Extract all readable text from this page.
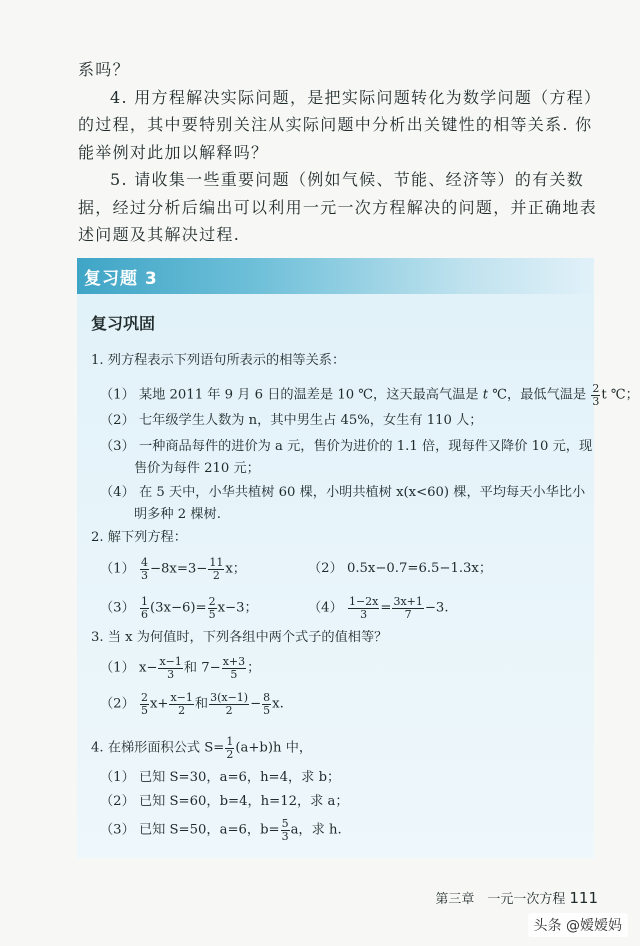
系吗？

4. 用方程解决实际问题，是把实际问题转化为数学问题（方程）的过程，其中要特别关注从实际问题中分析出关键性的相等关系. 你能举例对此加以解释吗？

5. 请收集一些重要问题（例如气候、节能、经济等）的有关数据，经过分析后编出可以利用一元一次方程解决的问题，并正确地表述问题及其解决过程.

复习题 3
复习巩固
1. 列方程表示下列语句所表示的相等关系：
（1） 某地 2011 年 9 月 6 日的温差是 10 ℃，这天最高气温是 t ℃，最低气温是 $\frac{2}{3}$ t ℃；
（2） 七年级学生人数为 n，其中男生占 45%，女生有 110 人；
（3） 一种商品每件的进价为 a 元，售价为进价的 1.1 倍，现每件又降价 10 元，现
售价为每件 210 元；
（4） 在 5 天中，小华共植树 60 棵，小明共植树 x(x<60) 棵，平均每天小华比小
明多种 2 棵树.
2. 解下列方程：
$(1) \frac{4}{3} -8x=3- \frac{11}{2}$ x；	（2） 0.5x−0.7=6.5−1.3x；
$(3) \frac{1}{6} (3x-6)= \frac{2}{5} x-3$；	$(4) \frac{1-2x}{3} = \frac{3x+1}{7} -3$.
3. 当 x 为何值时，下列各组中两个式子的值相等？
（1） $x- \frac{x-1}{3}$ 和 $7- \frac{x+3}{5}$ ；
$(2) \frac{2}{5} x+ \frac{x-1}{2}$ 和 $\frac{3(x-1)}{2} - \frac{8}{5} x$.
4. 在梯形面积公式 $S= \frac{1}{2} (a+b)h$ 中，
（1） 已知 S=30，a=6，h=4，求 b；
（2） 已知 S=60，b=4，h=12，求 a；
（3） 已知 S=50，a=6，$b= \frac{5}{3}$ a，求 h.
第三章　一元一次方程 111
头条 @嫒嫒妈
